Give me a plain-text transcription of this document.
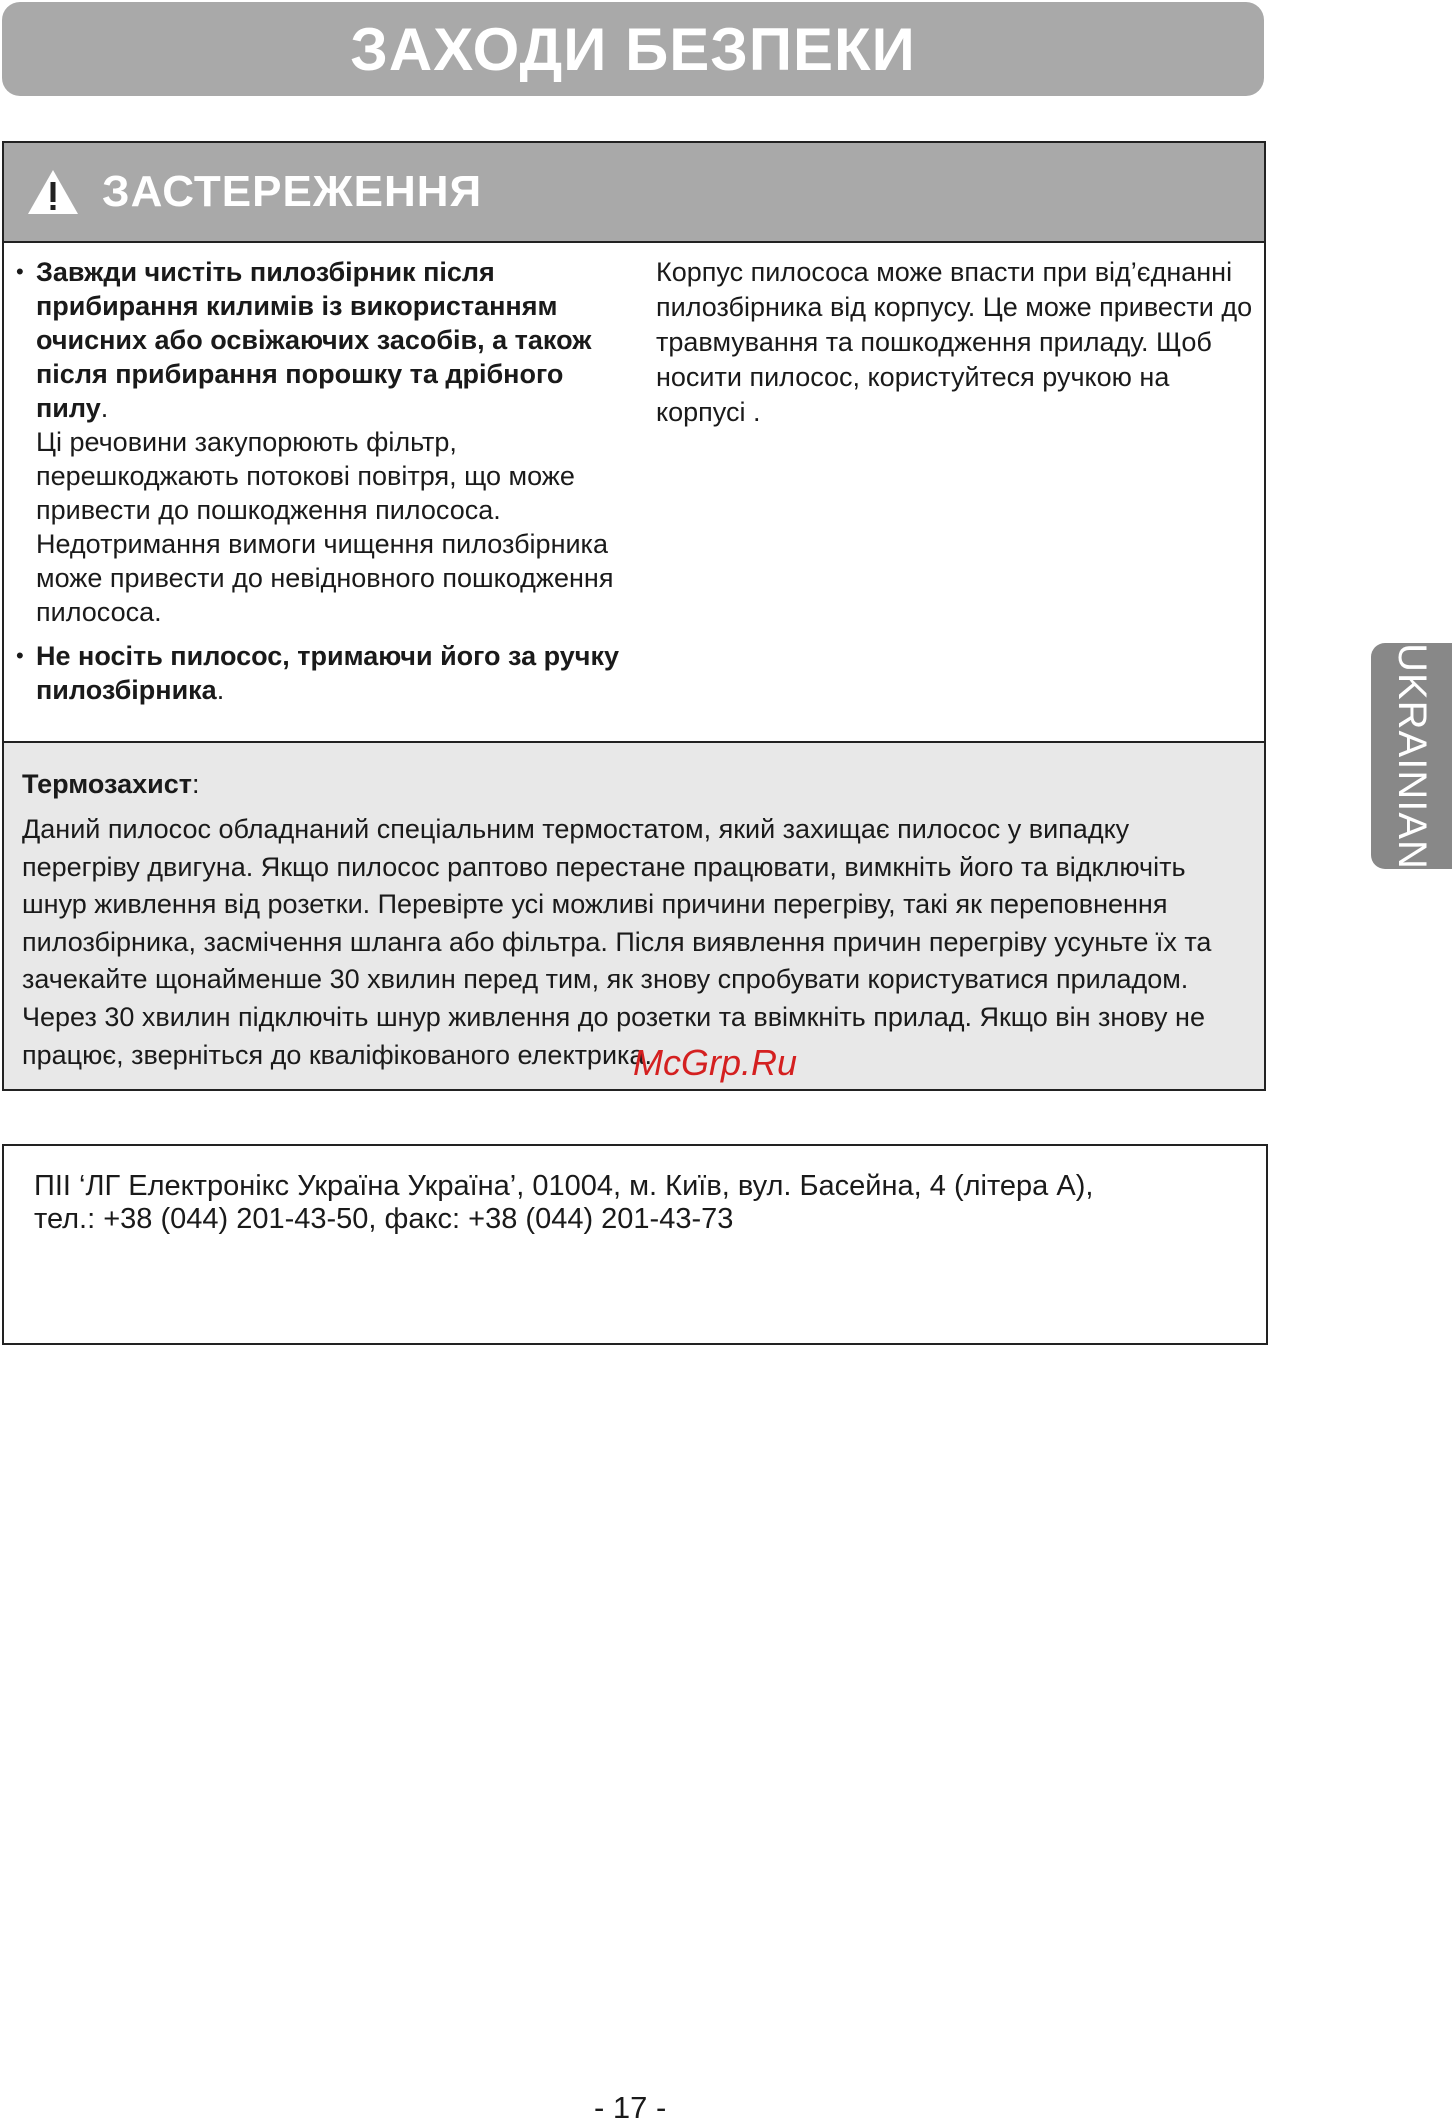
ЗАХОДИ БЕЗПЕКИ
ЗАСТЕРЕЖЕННЯ
• Завжди чистіть пилозбірник після прибирання килимів із використанням очисних або освіжаючих засобів, а також після прибирання порошку та дрібного пилу.
Ці речовини закупорюють фільтр, перешкоджають потокові повітря, що може привести до пошкодження пилососа. Недотримання вимоги чищення пилозбірника може привести до невідновного пошкодження пилососа.
• Не носіть пилосос, тримаючи його за ручку пилозбірника.
Корпус пилососа може впасти при від’єднанні пилозбірника від корпусу. Це може привести до травмування та пошкодження приладу. Щоб носити пилосос, користуйтеся ручкою на корпусі .
Термозахист:
Даний пилосос обладнаний спеціальним термостатом, який захищає пилосос у випадку перегріву двигуна. Якщо пилосос раптово перестане працювати, вимкніть його та відключіть шнур живлення від розетки. Перевірте усі можливі причини перегріву, такі як переповнення пилозбірника, засмічення шланга або фільтра. Після виявлення причин перегріву усуньте їх та зачекайте щонайменше 30 хвилин перед тим, як знову спробувати користуватися приладом. Через 30 хвилин підключіть шнур живлення до розетки та ввімкніть прилад. Якщо він знову не працює, зверніться до кваліфікованого електрика.
UKRAINIAN
ПІІ ‘ЛГ Електронікс Україна Україна’, 01004, м. Київ, вул. Басейна, 4 (літера А),
тел.: +38 (044) 201-43-50, факс: +38 (044) 201-43-73
McGrp.Ru
- 17 -
